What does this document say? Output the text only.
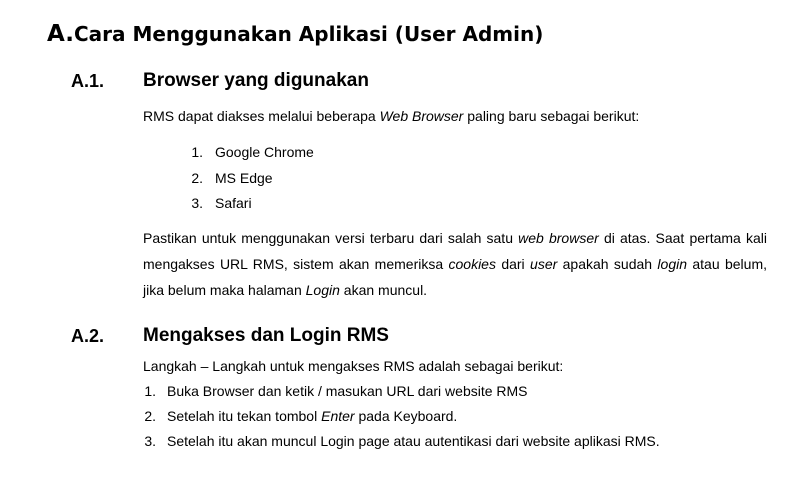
A.Cara Menggunakan Aplikasi (User Admin)
A.1. Browser yang digunakan
RMS dapat diakses melalui beberapa Web Browser paling baru sebagai berikut:
1. Google Chrome
2. MS Edge
3. Safari
Pastikan untuk menggunakan versi terbaru dari salah satu web browser di atas. Saat pertama kali mengakses URL RMS, sistem akan memeriksa cookies dari user apakah sudah login atau belum, jika belum maka halaman Login akan muncul.
A.2. Mengakses dan Login RMS
Langkah – Langkah untuk mengakses RMS adalah sebagai berikut:
1. Buka Browser dan ketik / masukan URL dari website RMS
2. Setelah itu tekan tombol Enter pada Keyboard.
3. Setelah itu akan muncul Login page atau autentikasi dari website aplikasi RMS.
